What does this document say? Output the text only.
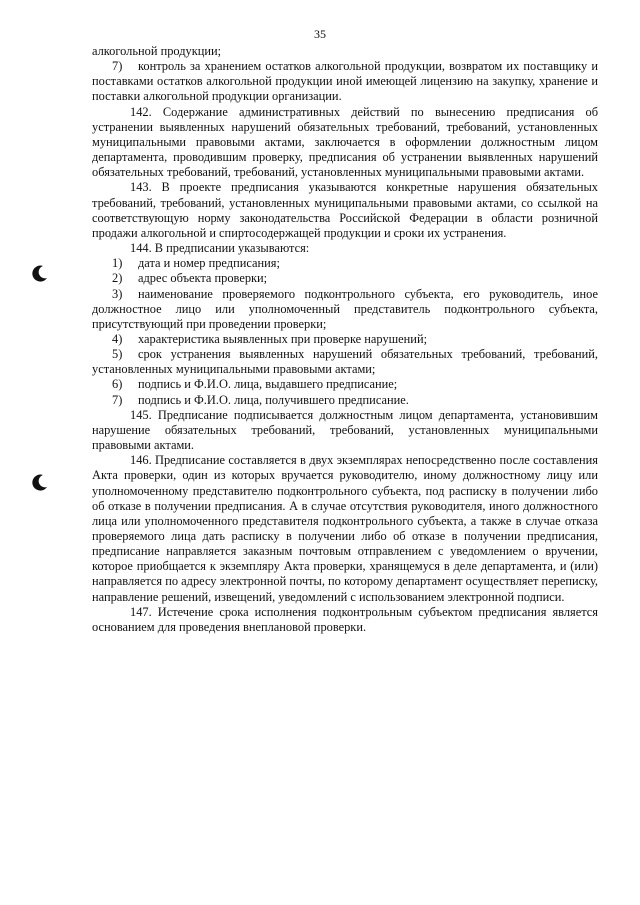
35

алкогольной продукции;

7) контроль за хранением остатков алкогольной продукции, возвратом их поставщику и поставками остатков алкогольной продукции иной имеющей лицензию на закупку, хранение и поставки алкогольной продукции организации.

142. Содержание административных действий по вынесению предписания об устранении выявленных нарушений обязательных требований, требований, установленных муниципальными правовыми актами, заключается в оформлении должностным лицом департамента, проводившим проверку, предписания об устранении выявленных нарушений обязательных требований, требований, установленных муниципальными правовыми актами.

143. В проекте предписания указываются конкретные нарушения обязательных требований, требований, установленных муниципальными правовыми актами, со ссылкой на соответствующую норму законодательства Российской Федерации в области розничной продажи алкогольной и спиртосодержащей продукции и сроки их устранения.

144. В предписании указываются:

1) дата и номер предписания;

2) адрес объекта проверки;

3) наименование проверяемого подконтрольного субъекта, его руководитель, иное должностное лицо или уполномоченный представитель подконтрольного субъекта, присутствующий при проведении проверки;

4) характеристика выявленных при проверке нарушений;

5) срок устранения выявленных нарушений обязательных требований, требований, установленных муниципальными правовыми актами;

6) подпись и Ф.И.О. лица, выдавшего предписание;

7) подпись и Ф.И.О. лица, получившего предписание.

145. Предписание подписывается должностным лицом департамента, установившим нарушение обязательных требований, требований, установленных муниципальными правовыми актами.

146. Предписание составляется в двух экземплярах непосредственно после составления Акта проверки, один из которых вручается руководителю, иному должностному лицу или уполномоченному представителю подконтрольного субъекта, под расписку в получении либо об отказе в получении предписания. А в случае отсутствия руководителя, иного должностного лица или уполномоченного представителя подконтрольного субъекта, а также в случае отказа проверяемого лица дать расписку в получении либо об отказе в получении предписания, предписание направляется заказным почтовым отправлением с уведомлением о вручении, которое приобщается к экземпляру Акта проверки, хранящемуся в деле департамента, и (или) направляется по адресу электронной почты, по которому департамент осуществляет переписку, направление решений, извещений, уведомлений с использованием электронной подписи.

147. Истечение срока исполнения подконтрольным субъектом предписания является основанием для проведения внеплановой проверки.
